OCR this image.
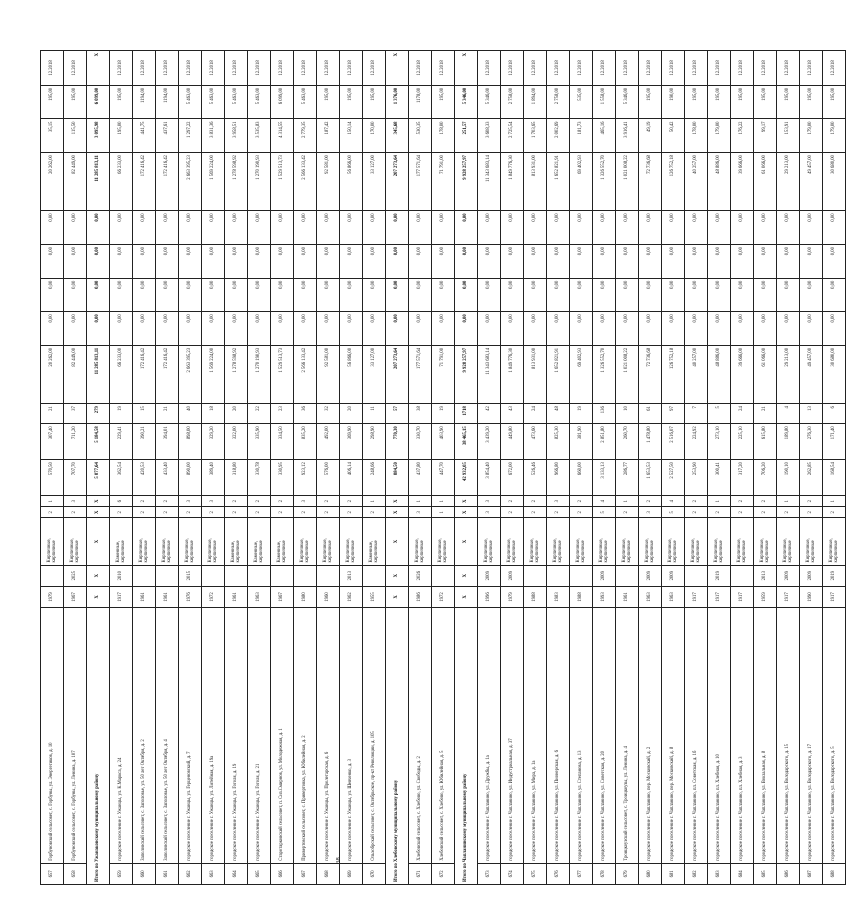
38
657	Горбуновский сельсовет, с. Горбуны, ул. Энергетиков, д. 10	1979		Кирпичные, кирпичные	2	1	570,50	307,40	21	20 262,00	0,00	0,00	0,00	0,00	20 262,00	35,15	195,00	12.2018
658	Горбуновский сельсовет, с. Горбуны, ул. Ленина, д. 107	1967	2025	Кирпичные, кирпичные	2	3	707,70	711,20	37	82 449,00	0,00	0,00	0,00	0,00	82 449,00	115,50	195,00	12.2018
Итого по Ужанаковскому муниципальному району		X	X	X	X	X	5 877,64	5 184,58	279	11 285 813,11	0,00	0,00	0,00	0,00	11 285 813,11	3 095,98	6 099,00	X
659	городское поселение г. Ужанцы, ул. К.Маркса, д. 24	1917	2010	Каменные, кирпичные	2	6	362,54	229,41	19	66 233,00	0,00	0,00	0,00	0,00	66 233,00	195,00	195,00	12.2018
660	Заполовский сельсовет, с. Заполовье, ул. 50 лет Октября, д. 2	1961		Кирпичные, кирпичные	2	2	420,53	390,21	15	172 416,42	0,00	0,00	0,00	0,00	172 416,42	441,75	1194,00	12.2018
661	Заполовский сельсовет, с. Заполовье, ул. 50 лет Октября, д. 4	1961		Кирпичные, кирпичные	2	2	433,40	394,01	21	172 416,42	0,00	0,00	0,00	0,00	172 416,42	437,61	1194,00	12.2018
662	городское поселение г. Ужанцы, ул. Герценовский, д. 7	1976	2015	Кирпичные, кирпичные	2	3	890,00	898,00	40	2 663 395,23	0,00	0,00	0,00	0,00	2 663 395,23	1 297,22	5 463,00	12.2018
663	городское поселение г. Ужанцы, ул. Литейная, д. 19а	1972		Кирпичные, кирпичные	2	3	389,40	329,20	18	1 569 224,00	0,00	0,00	0,00	0,00	1 569 224,00	3 831,36	5 463,00	12.2018
664	городское поселение г. Ужанцы, ул. Гоголя, д. 19	1961		Каменные, кирпичные	2	2	318,80	322,00	20	1 278 598,92	0,00	0,00	0,00	0,00	1 278 598,92	3 958,51	5 463,00	12.2018
665	городское поселение г. Ужанцы, ул. Гоголя, д. 21	1963		Каменные, кирпичные	2	2	330,78	335,90	22	1 270 190,93	0,00	0,00	0,00	0,00	1 270 190,93	3 535,83	5 463,00	12.2018
666	Старотарковский сельсовет, п. Сиз.Смирнов, ул. Молодежная, д. 1	1967		Каменные, кирпичные	2	2	330,95	334,50	23	1 529 513,73	0,00	0,00	0,00	0,00	1 529 513,73	4 314,55	6 099,00	12.2018
667	Привертовский сельсовет, с. Привертовка, ул. Юбилейная, д. 2	1980		Кирпичные, кирпичные	2	3	923,12	835,20	36	2 566 133,42	0,00	0,00	0,00	0,00	2 566 133,42	2 779,35	5 463,00	12.2018
668	городское поселение г. Ужанцы, ул. Пролетарская, д. 6	1960		Кирпичные, кирпичные	2	2	576,00	492,00	32	92 581,00	0,00	0,00	0,00	0,00	92 581,00	187,42	195,00	12.2018
669	городское поселение г. Ужанцы, ул. Шевченко, д. 3	1962	2013	Кирпичные, кирпичные	2	2	406,14	369,90	20	56 866,00	0,00	0,00	0,00	0,00	56 866,00	150,14	195,00	12.2018
670	Ольхобрский сельсовет, с. Октябрьское, пр-кт Революции, д. 105	1955		Каменные, кирпичные	2	1	248,66	298,90	11	33 127,00	0,00	0,00	0,00	0,00	33 127,00	170,00	195,00	12.2018
Итого по Хлебовскому муниципальному району		X	X	X	X	X	884,50	770,30	57	207 273,64	0,00	0,00	0,00	0,00	207 273,64	345,68	1 376,00	X
671	Хлебовский сельсовет, с. Хлебово, ул. Свободы, д. 2	1986	2026	Кирпичные, кирпичные	3	1	437,80	330,70	38	177 571,64	0,00	0,00	0,00	0,00	177 571,64	530,35	1178,00	12.2018
672	Хлебовский сельсовет, с. Хлебово, ул. Юбилейная, д. 5	1972		Кирпичные, кирпичные	1	1	447,70	403,90	19	71 791,00	0,00	0,00	0,00	0,00	71 791,00	178,00	195,00	12.2018
Итого по Чапланинскому муниципальному району		X	X	X	X	X	42 932,05	38 465,15	1718	9 928 257,97	0,00	0,00	0,00	0,00	9 928 257,97	251,57	5 346,00	X
673	городское поселение г. Чапланино, ул. Дружбы, д. 1а	1996	2009	Кирпичные, кирпичные	3	3	3 854,40	3 439,20	42	11 343 683,14	0,00	0,00	0,00	0,00	11 343 683,14	3 608,33	5 346,00	12.2018
674	городское поселение г. Чапланино, ул. Индустриальная, д. 37	1979	2009	Кирпичные, кирпичные	2	2	672,00	449,80	43	1 849 776,30	0,00	0,00	0,00	0,00	1 849 776,30	2 725,54	2 758,00	12.2018
675	городское поселение г. Чапланино, ул. Мира, д. 1а	1988		Кирпичные, кирпичные	2	2	526,46	473,60	24	813 931,00	0,00	0,00	0,00	0,00	813 931,00	1 703,65	1 894,00	12.2018
676	городское поселение г. Чапланино, ул. Пионерская, д. 6	1983		Кирпичные, кирпичные	2	3	966,80	825,30	48	1 652 821,91	0,00	0,00	0,00	0,00	1 652 821,91	2 002,69	2 758,00	12.2018
677	городское поселение г. Чапланино, ул. Степанова, д. 13	1988		Кирпичные, кирпичные	2	2	660,00	381,90	19	69 402,93	0,00	0,00	0,00	0,00	69 402,93	181,73	535,00	12.2018
678	городское поселение г. Чапланино, ул. Советская, д. 20	1993	2009	Кирпичные, кирпичные	5	4	3 133,13	2 851,80	136	1 326 552,70	0,00	0,00	0,00	0,00	1 326 552,70	465,16	1 558,00	12.2018
679	Троицкоузский сельсовет, с. Троицкоузы, ул. Ленина, д. 4	1961		Кирпичные, кирпичные	2	1	286,77	260,70	10	1 021 008,22	0,00	0,00	0,00	0,00	1 021 008,22	3 916,41	5 346,00	12.2018
680	городское поселение г. Чапланино, пер. Московский, д. 2	1963	2009	Кирпичные, кирпичные	3	2	1 653,53	1 478,80	61	72 736,68	0,00	0,00	0,00	0,00	72 736,68	49,19	195,00	12.2018
681	городское поселение г. Чапланино, пер. Московский, д. 8	1963	2009	Кирпичные, кирпичные	5	4	2 527,50	2 516,07	97	126 752,18	0,00	0,00	0,00	0,00	126 752,18	50,42	190,00	12.2018
682	городское поселение г. Чапланино, пл. Советская, д. 1б	1917		Кирпичные, кирпичные	2	2	253,90	224,92	7	40 257,00	0,00	0,00	0,00	0,00	40 257,00	178,00	195,00	12.2018
683	городское поселение г. Чапланино, пл. Хлебная, д. 10	1917	2019	Кирпичные, кирпичные	2	1	300,41	273,10	5	48 886,00	0,00	0,00	0,00	0,00	48 886,00	179,00	195,00	12.2018
684	городское поселение г. Чапланино, пл. Хлебная, д. 3	1917		Кирпичные, кирпичные	2	2	317,20	225,10	24	39 666,00	0,00	0,00	0,00	0,00	39 666,00	176,22	195,00	12.2018
685	городское поселение г. Чапланино, ул. Вокзальная, д. 8	1959	2013	Кирпичные, кирпичные	2	2	706,20	615,80	21	61 066,00	0,00	0,00	0,00	0,00	61 066,00	99,17	195,00	12.2018
686	городское поселение г. Чапланино, ул. Володарского, д. 15	1917	2009	Кирпичные, кирпичные	2	1	190,10	189,80	4	29 213,00	0,00	0,00	0,00	0,00	29 213,00	153,91	195,00	12.2018
687	городское поселение г. Чапланино, ул. Володарского, д. 17	1990	2009	Кирпичные, кирпичные	2	2	262,85	276,30	13	49 457,00	0,00	0,00	0,00	0,00	49 457,00	179,00	195,00	12.2018
688	городское поселение г. Чапланино, ул. Володарского, д. 5	1917	2019	Кирпичные, кирпичные	2	1	168,54	171,40	6	30 680,00	0,00	0,00	0,00	0,00	30 680,00	179,00	195,00	12.2018
